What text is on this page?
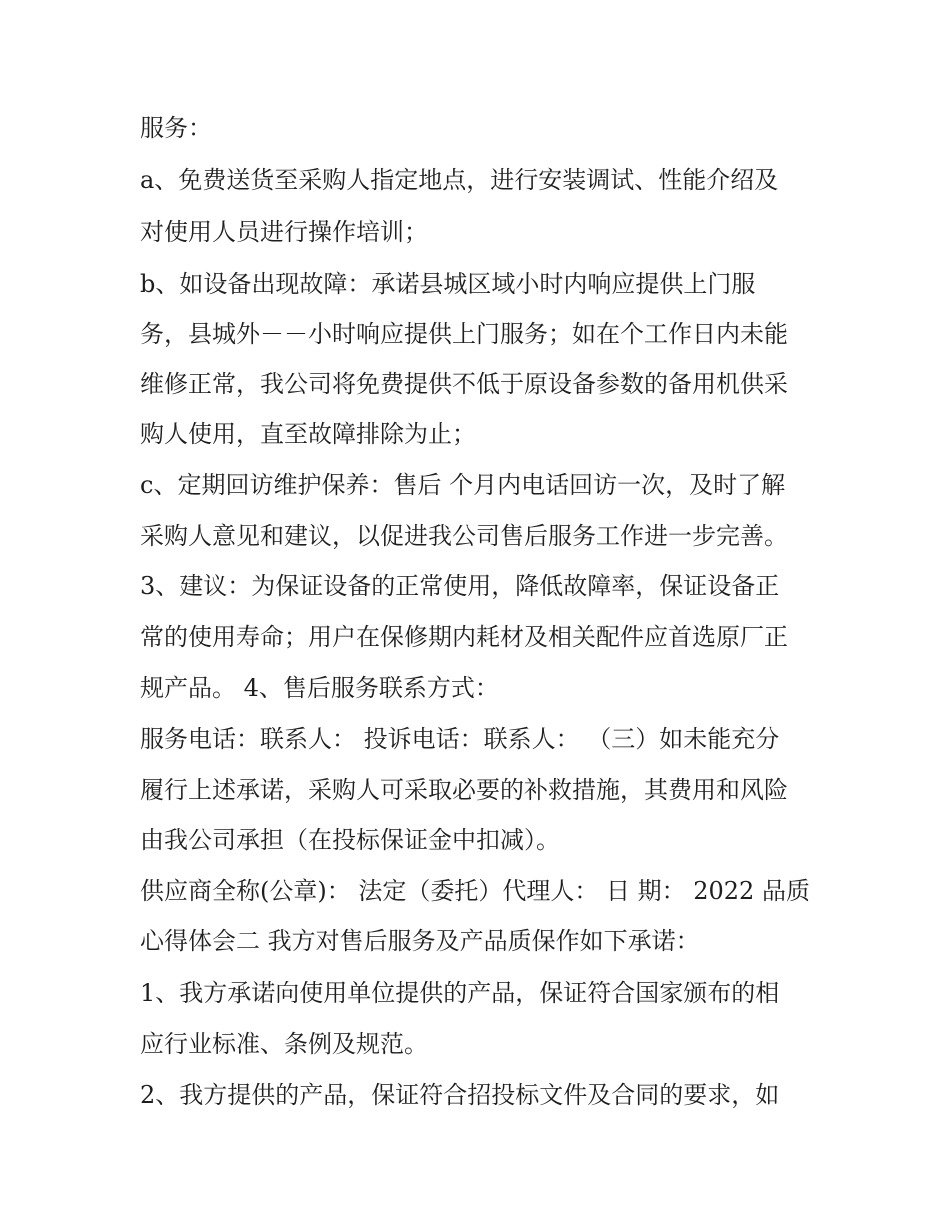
服务：
a、免费送货至采购人指定地点，进行安装调试、性能介绍及
对使用人员进行操作培训；
b、如设备出现故障：承诺县城区域小时内响应提供上门服
务，县城外－－小时响应提供上门服务；如在个工作日内未能
维修正常，我公司将免费提供不低于原设备参数的备用机供采
购人使用，直至故障排除为止；
c、定期回访维护保养：售后 个月内电话回访一次，及时了解
采购人意见和建议，以促进我公司售后服务工作进一步完善。
3、建议：为保证设备的正常使用，降低故障率，保证设备正
常的使用寿命；用户在保修期内耗材及相关配件应首选原厂正
规产品。 4、售后服务联系方式：
服务电话：联系人： 投诉电话：联系人： （三）如未能充分
履行上述承诺，采购人可采取必要的补救措施，其费用和风险
由我公司承担（在投标保证金中扣减）。
供应商全称(公章)： 法定（委托）代理人： 日 期： 2022 品质
心得体会二 我方对售后服务及产品质保作如下承诺：
1、我方承诺向使用单位提供的产品，保证符合国家颁布的相
应行业标准、条例及规范。
2、我方提供的产品，保证符合招投标文件及合同的要求，如
